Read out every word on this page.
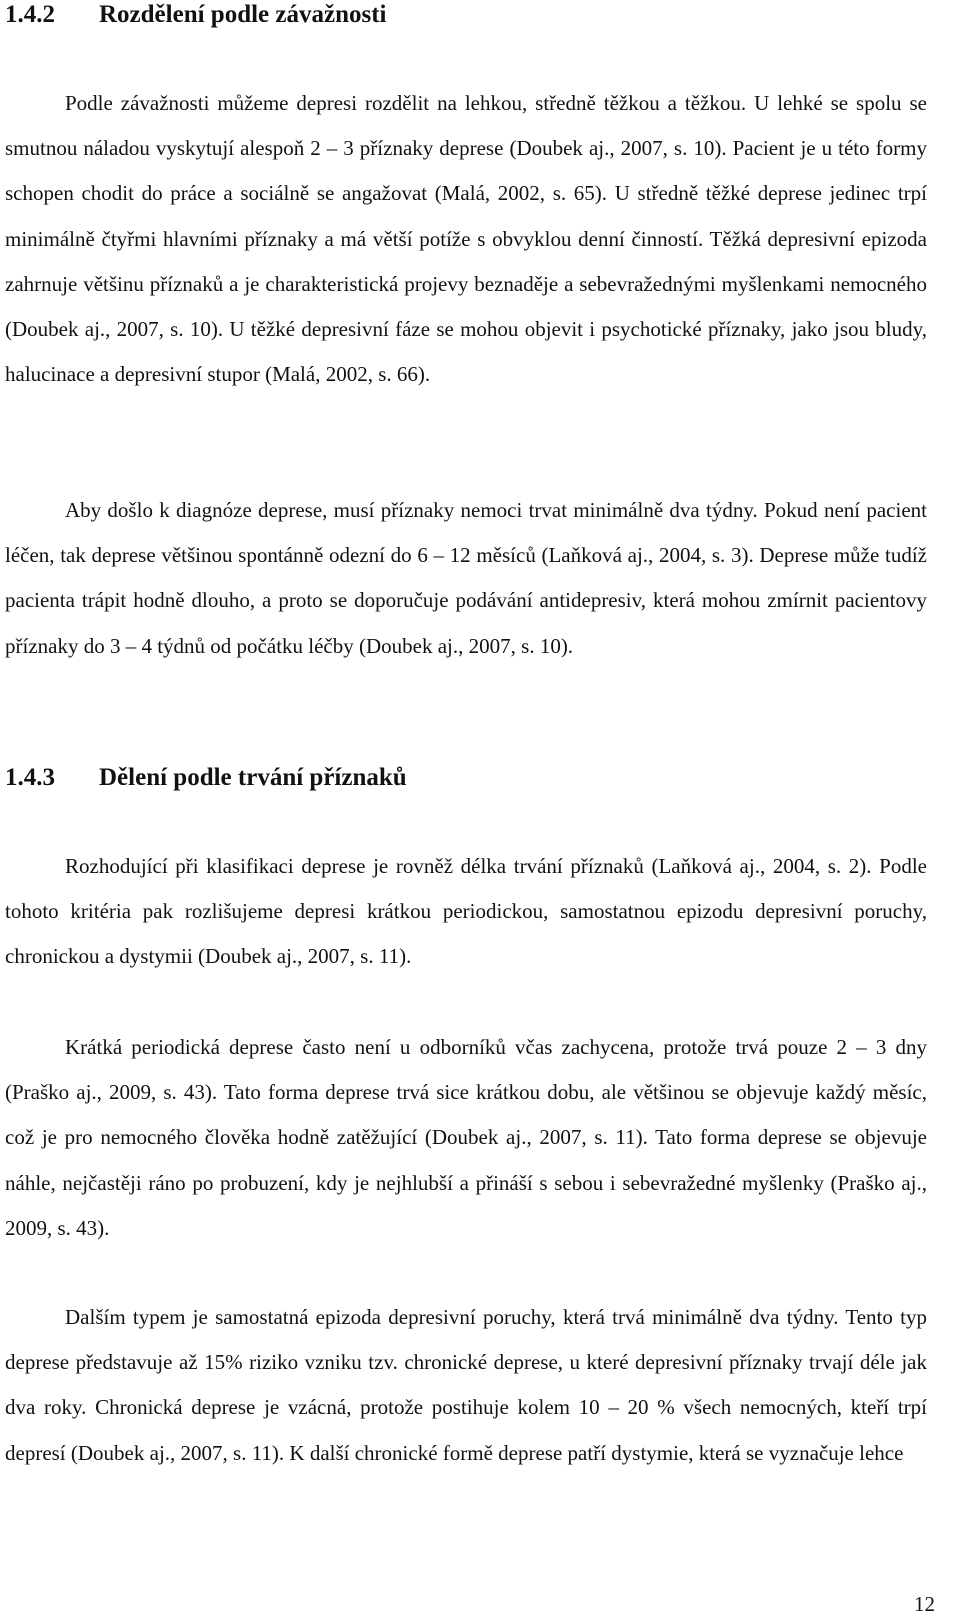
1.4.2 Rozdělení podle závažnosti

Podle závažnosti můžeme depresi rozdělit na lehkou, středně těžkou a těžkou. U lehké se spolu se smutnou náladou vyskytují alespoň 2 – 3 příznaky deprese (Doubek aj., 2007, s. 10). Pacient je u této formy schopen chodit do práce a sociálně se angažovat (Malá, 2002, s. 65). U středně těžké deprese jedinec trpí minimálně čtyřmi hlavními příznaky a má větší potíže s obvyklou denní činností. Těžká depresivní epizoda zahrnuje většinu příznaků a je charakteristická projevy beznaděje a sebevražednými myšlenkami nemocného (Doubek aj., 2007, s. 10). U těžké depresivní fáze se mohou objevit i psychotické příznaky, jako jsou bludy, halucinace a depresivní stupor (Malá, 2002, s. 66).

Aby došlo k diagnóze deprese, musí příznaky nemoci trvat minimálně dva týdny. Pokud není pacient léčen, tak deprese většinou spontánně odezní do 6 – 12 měsíců (Laňková aj., 2004, s. 3). Deprese může tudíž pacienta trápit hodně dlouho, a proto se doporučuje podávání antidepresiv, která mohou zmírnit pacientovy příznaky do 3 – 4 týdnů od počátku léčby (Doubek aj., 2007, s. 10).

1.4.3 Dělení podle trvání příznaků

Rozhodující při klasifikaci deprese je rovněž délka trvání příznaků (Laňková aj., 2004, s. 2). Podle tohoto kritéria pak rozlišujeme depresi krátkou periodickou, samostatnou epizodu depresivní poruchy, chronickou a dystymii (Doubek aj., 2007, s. 11).

Krátká periodická deprese často není u odborníků včas zachycena, protože trvá pouze 2 – 3 dny (Praško aj., 2009, s. 43). Tato forma deprese trvá sice krátkou dobu, ale většinou se objevuje každý měsíc, což je pro nemocného člověka hodně zatěžující (Doubek aj., 2007, s. 11). Tato forma deprese se objevuje náhle, nejčastěji ráno po probuzení, kdy je nejhlubší a přináší s sebou i sebevražedné myšlenky (Praško aj., 2009, s. 43).

Dalším typem je samostatná epizoda depresivní poruchy, která trvá minimálně dva týdny. Tento typ deprese představuje až 15% riziko vzniku tzv. chronické deprese, u které depresivní příznaky trvají déle jak dva roky. Chronická deprese je vzácná, protože postihuje kolem 10 – 20 % všech nemocných, kteří trpí depresí (Doubek aj., 2007, s. 11). K další chronické formě deprese patří dystymie, která se vyznačuje lehce

12
